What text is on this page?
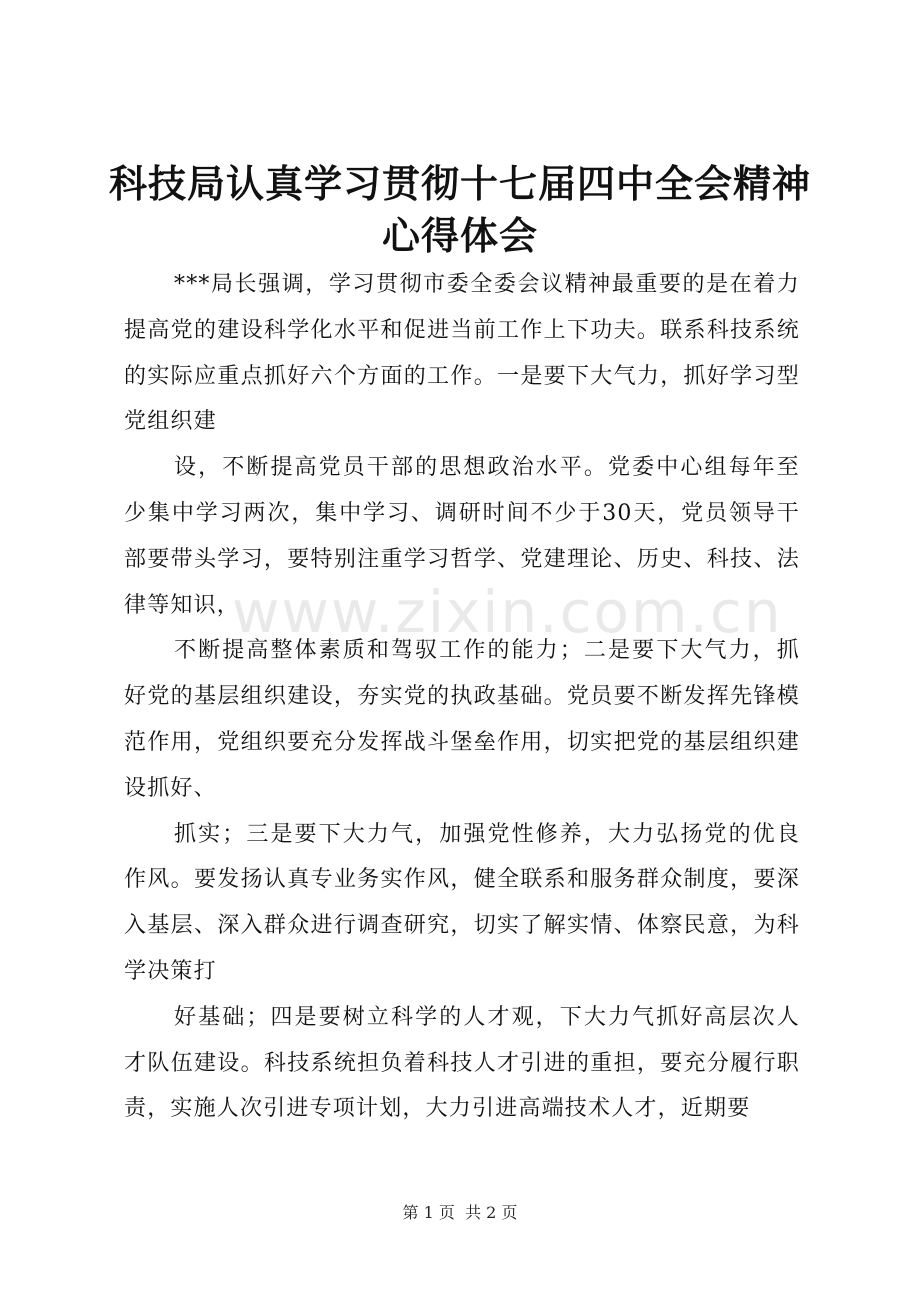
科技局认真学习贯彻十七届四中全会精神心得体会

***局长强调，学习贯彻市委全委会议精神最重要的是在着力提高党的建设科学化水平和促进当前工作上下功夫。联系科技系统的实际应重点抓好六个方面的工作。一是要下大气力，抓好学习型党组织建

设，不断提高党员干部的思想政治水平。党委中心组每年至少集中学习两次，集中学习、调研时间不少于30天，党员领导干部要带头学习，要特别注重学习哲学、党建理论、历史、科技、法律等知识，

不断提高整体素质和驾驭工作的能力；二是要下大气力，抓好党的基层组织建设，夯实党的执政基础。党员要不断发挥先锋模范作用，党组织要充分发挥战斗堡垒作用，切实把党的基层组织建设抓好、

抓实；三是要下大力气，加强党性修养，大力弘扬党的优良作风。要发扬认真专业务实作风，健全联系和服务群众制度，要深入基层、深入群众进行调查研究，切实了解实情、体察民意，为科学决策打

好基础；四是要树立科学的人才观，下大力气抓好高层次人才队伍建设。科技系统担负着科技人才引进的重担，要充分履行职责，实施人次引进专项计划，大力引进高端技术人才，近期要

www.zixin.com.cn
第 1 页  共 2 页
